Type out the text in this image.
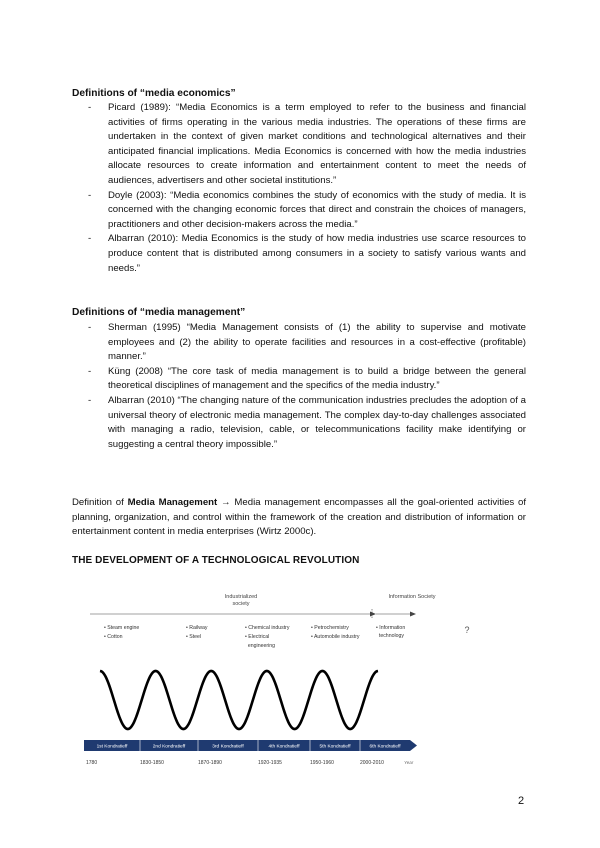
Definitions of “media economics”
- Picard (1989): “Media Economics is a term employed to refer to the business and financial activities of firms operating in the various media industries. The operations of these firms are undertaken in the context of given market conditions and technological alternatives and their anticipated financial implications. Media Economics is concerned with how the media industries allocate resources to create information and entertainment content to meet the needs of audiences, advertisers and other societal institutions.”
- Doyle (2003): “Media economics combines the study of economics with the study of media. It is concerned with the changing economic forces that direct and constrain the choices of managers, practitioners and other decision-makers across the media.”
- Albarran (2010): Media Economics is the study of how media industries use scarce resources to produce content that is distributed among consumers in a society to satisfy various wants and needs.”
Definitions of “media management”
- Sherman (1995) “Media Management consists of (1) the ability to supervise and motivate employees and (2) the ability to operate facilities and resources in a cost-effective (profitable) manner.”
- Küng (2008) “The core task of media management is to build a bridge between the general theoretical disciplines of management and the specifics of the media industry.”
- Albarran (2010) “The changing nature of the communication industries precludes the adoption of a universal theory of electronic media management. The complex day-to-day challenges associated with managing a radio, television, cable, or telecommunications facility make identifying or suggesting a central theory impossible.”

Definition of Media Management → Media management encompasses all the goal-oriented activities of planning, organization, and control within the framework of the creation and distribution of information or entertainment content in media enterprises (Wirtz 2000c).

THE DEVELOPMENT OF A TECHNOLOGICAL REVOLUTION
Industrialized
society
Information Society
• Steam engine
• Cotton
• Railway
• Steel
• Chemical industry
• Electrical
engineering
• Petrochemistry
• Automobile industry
• Information
technology
?
1st Kondratieff	2nd Kondratieff	3rd Kondratieff	4th Kondratieff	5th Kondratieff	6th Kondratieff
1780	1830-1850	1870-1890	1920-1935	1950-1960	2000-2010	Year
2
